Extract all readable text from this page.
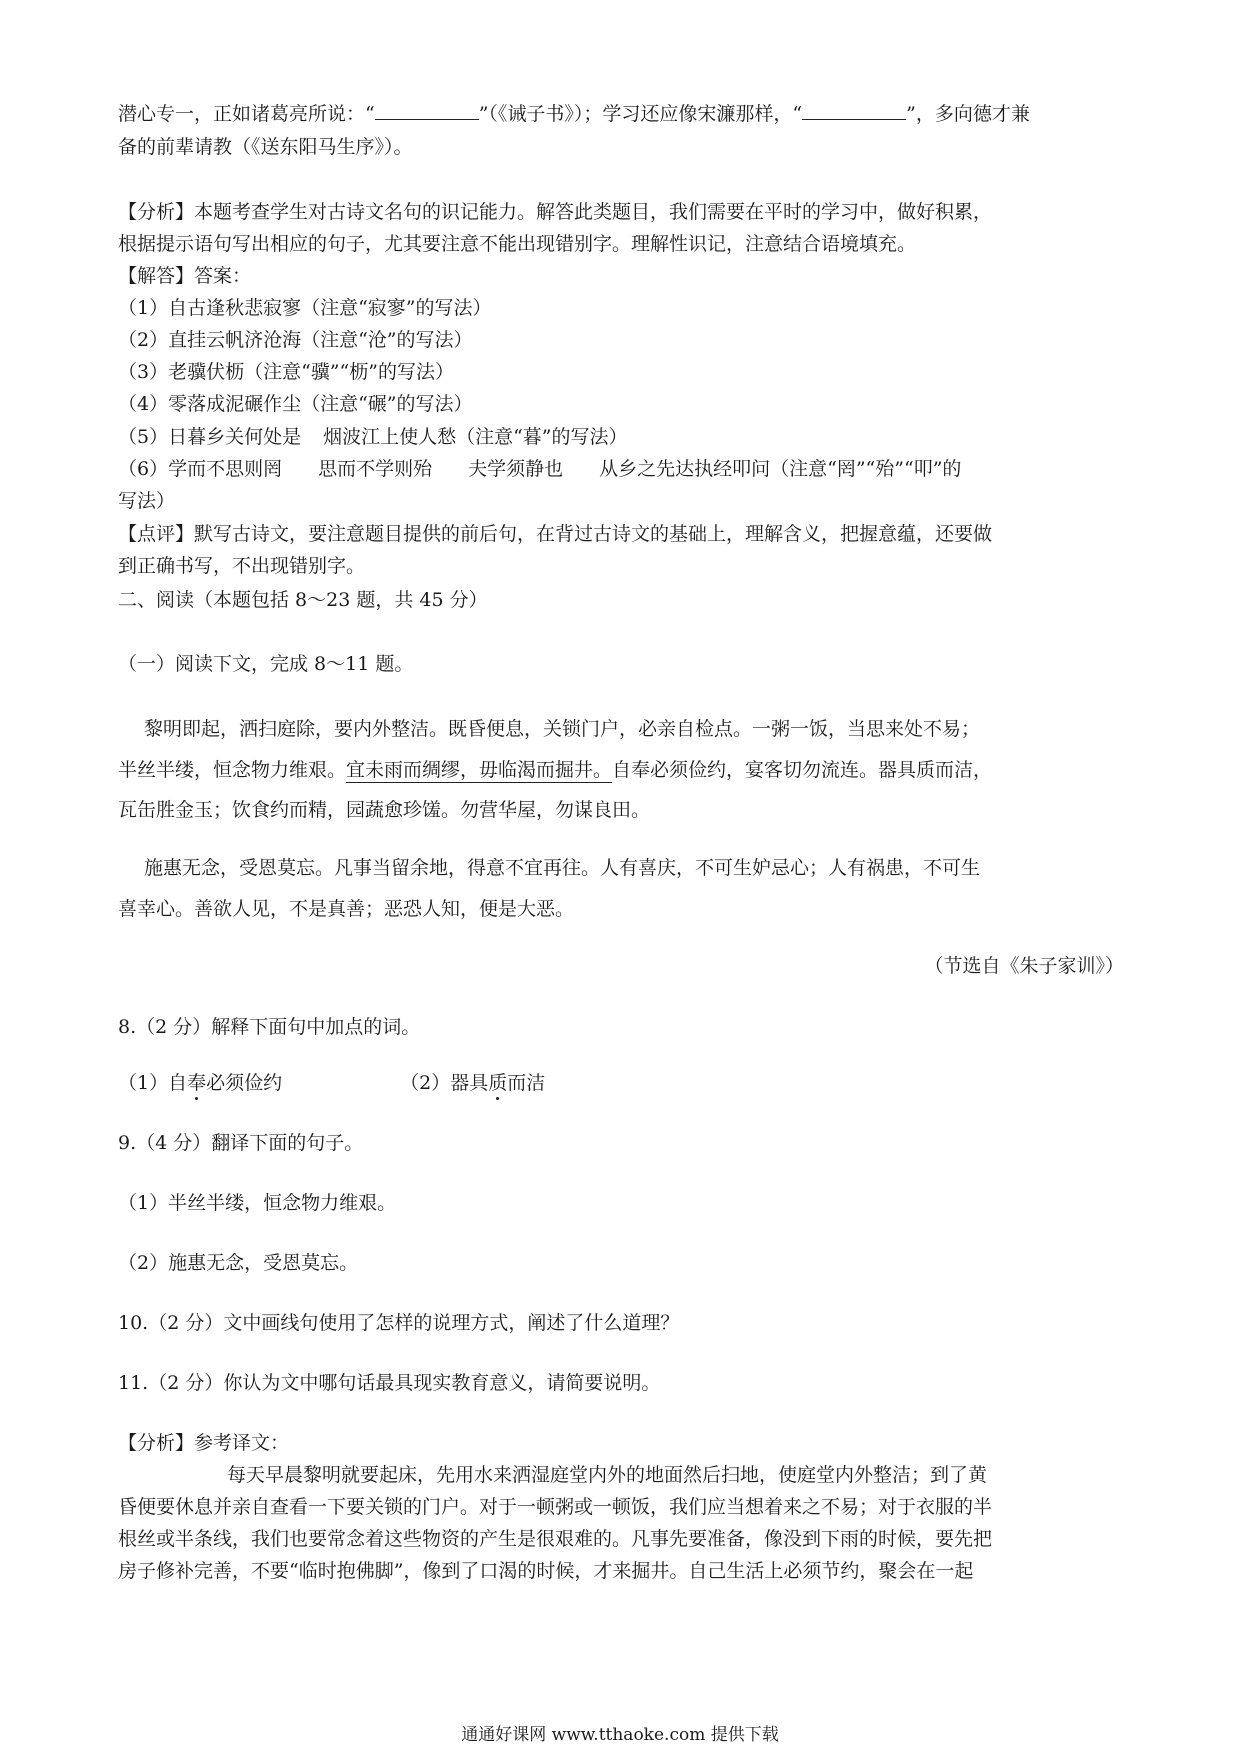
潜心专一，正如诸葛亮所说：“	”（《诫子书》）；学习还应像宋濂那样，“	”，多向德才兼
备的前辈请教（《送东阳马生序》）。
【分析】本题考查学生对古诗文名句的识记能力。解答此类题目，我们需要在平时的学习中，做好积累，
根据提示语句写出相应的句子，尤其要注意不能出现错别字。理解性识记，注意结合语境填充。
【解答】答案：
（1）自古逢秋悲寂寥（注意“寂寥”的写法）
（2）直挂云帆济沧海（注意“沧”的写法）
（3）老骥伏枥（注意“骥”“枥”的写法）
（4）零落成泥碾作尘（注意“碾”的写法）
（5）日暮乡关何处是 烟波江上使人愁（注意“暮”的写法）
（6）学而不思则罔 思而不学则殆 夫学须静也 从乡之先达执经叩问（注意“罔”“殆”“叩”的
写法）
【点评】默写古诗文，要注意题目提供的前后句，在背过古诗文的基础上，理解含义，把握意蕴，还要做
到正确书写，不出现错别字。
二、阅读（本题包括 8～23 题，共 45 分）
（一）阅读下文，完成 8～11 题。
黎明即起，洒扫庭除，要内外整洁。既昏便息，关锁门户，必亲自检点。一粥一饭，当思来处不易；
半丝半缕，恒念物力维艰。宜未雨而绸缪，毋临渴而掘井。自奉必须俭约，宴客切勿流连。器具质而洁，
瓦缶胜金玉；饮食约而精，园蔬愈珍馐。勿营华屋，勿谋良田。
施惠无念，受恩莫忘。凡事当留余地，得意不宜再往。人有喜庆，不可生妒忌心；人有祸患，不可生
喜幸心。善欲人见，不是真善；恶恐人知，便是大恶。
（节选自《朱子家训》）
8.（2 分）解释下面句中加点的词。
（1）自奉必须俭约	（2）器具质而洁
9.（4 分）翻译下面的句子。
（1）半丝半缕，恒念物力维艰。
（2）施惠无念，受恩莫忘。
10.（2 分）文中画线句使用了怎样的说理方式，阐述了什么道理？
11.（2 分）你认为文中哪句话最具现实教育意义，请简要说明。
【分析】参考译文：
每天早晨黎明就要起床，先用水来洒湿庭堂内外的地面然后扫地，使庭堂内外整洁；到了黄
昏便要休息并亲自查看一下要关锁的门户。对于一顿粥或一顿饭，我们应当想着来之不易；对于衣服的半
根丝或半条线，我们也要常念着这些物资的产生是很艰难的。凡事先要准备，像没到下雨的时候，要先把
房子修补完善，不要“临时抱佛脚”，像到了口渴的时候，才来掘井。自己生活上必须节约，聚会在一起
通通好课网 www.tthaoke.com 提供下载
